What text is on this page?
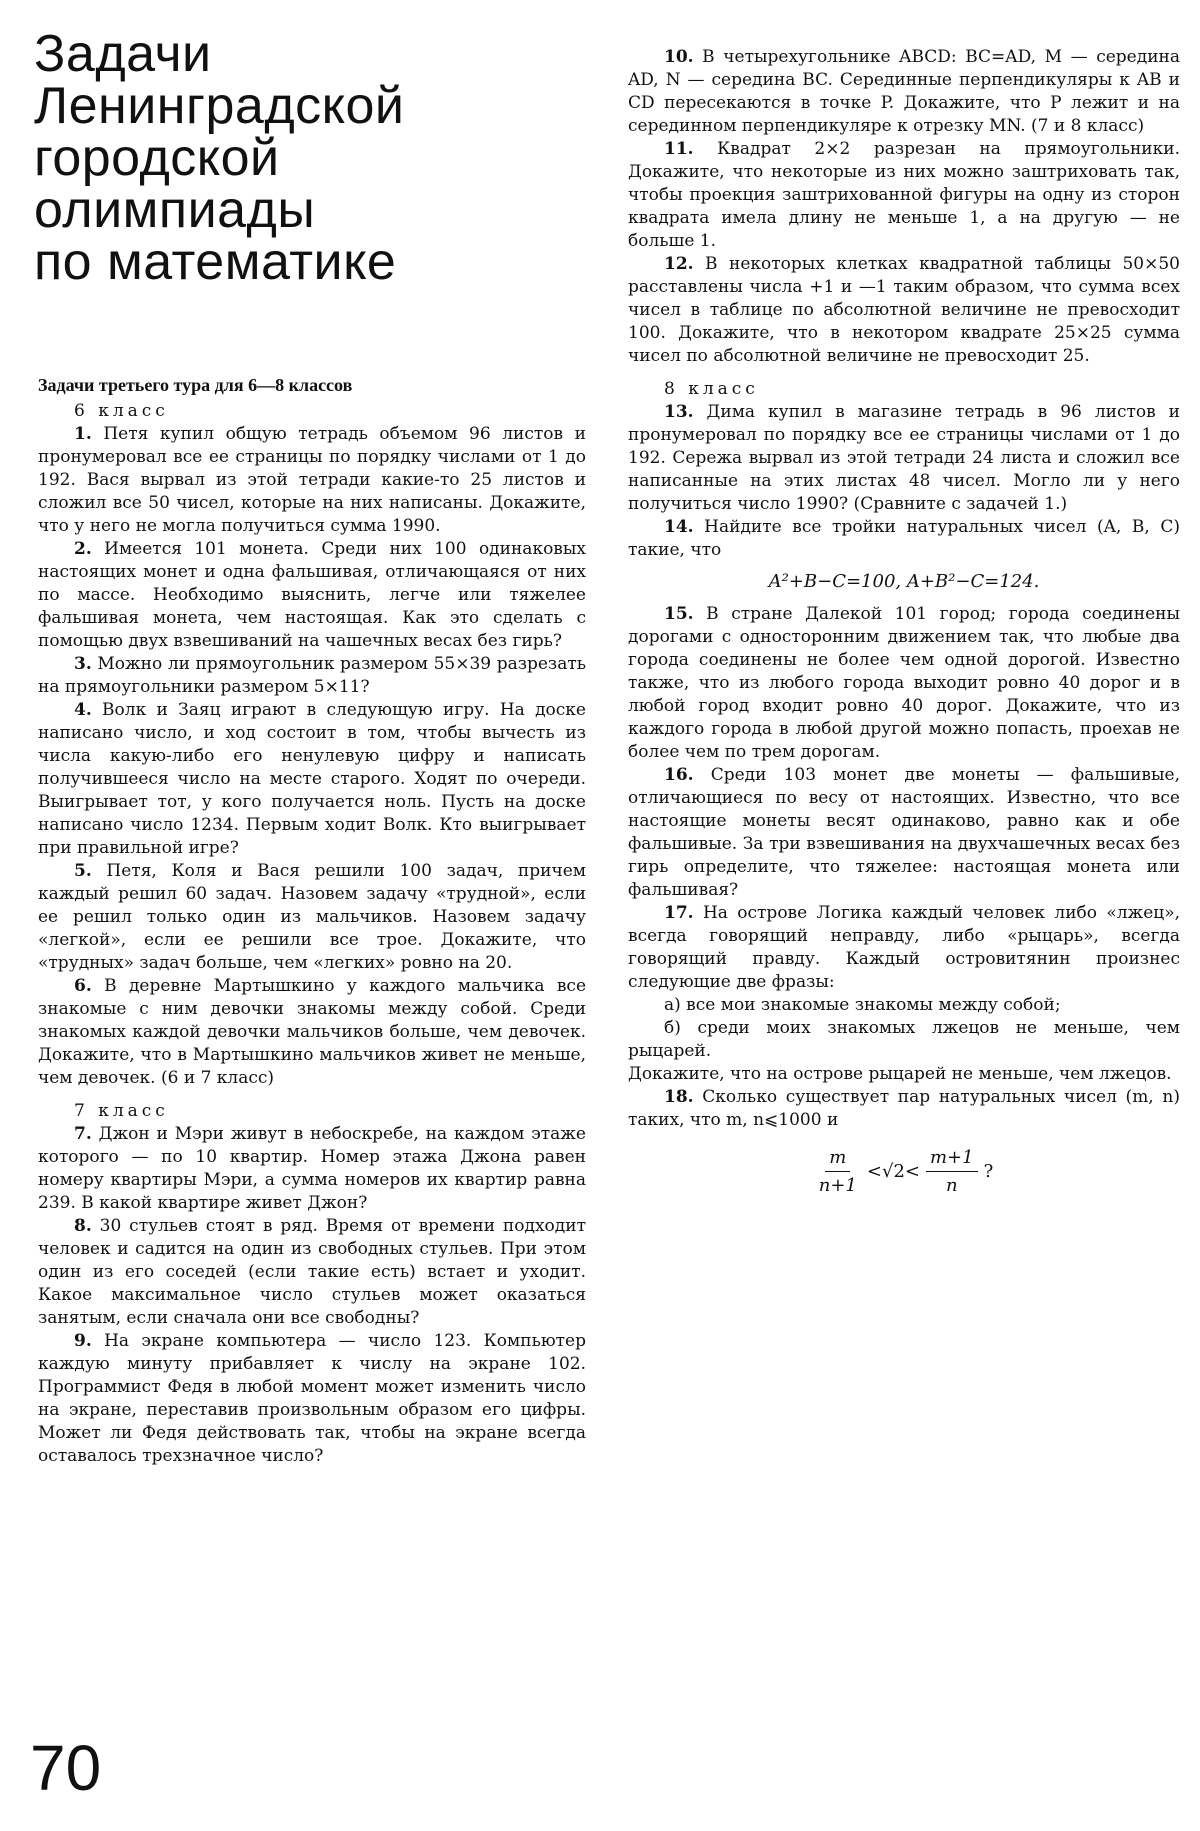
Задачи
Ленинградской
городской
олимпиады
по математике

Задачи третьего тура для 6—8 классов

6 класс

1. Петя купил общую тетрадь объемом 96 листов и пронумеровал все ее страницы по порядку числами от 1 до 192. Вася вырвал из этой тетради какие-то 25 листов и сложил все 50 чисел, которые на них написаны. Докажите, что у него не могла получиться сумма 1990.

2. Имеется 101 монета. Среди них 100 одинаковых настоящих монет и одна фальшивая, отличающаяся от них по массе. Необходимо выяснить, легче или тяжелее фальшивая монета, чем настоящая. Как это сделать с помощью двух взвешиваний на чашечных весах без гирь?

3. Можно ли прямоугольник размером 55×39 разрезать на прямоугольники размером 5×11?

4. Волк и Заяц играют в следующую игру. На доске написано число, и ход состоит в том, чтобы вычесть из числа какую-либо его ненулевую цифру и написать получившееся число на месте старого. Ходят по очереди. Выигрывает тот, у кого получается ноль. Пусть на доске написано число 1234. Первым ходит Волк. Кто выигрывает при правильной игре?

5. Петя, Коля и Вася решили 100 задач, причем каждый решил 60 задач. Назовем задачу «трудной», если ее решил только один из мальчиков. Назовем задачу «легкой», если ее решили все трое. Докажите, что «трудных» задач больше, чем «легких» ровно на 20.

6. В деревне Мартышкино у каждого мальчика все знакомые с ним девочки знакомы между собой. Среди знакомых каждой девочки мальчиков больше, чем девочек. Докажите, что в Мартышкино мальчиков живет не меньше, чем девочек. (6 и 7 класс)

7 класс

7. Джон и Мэри живут в небоскребе, на каждом этаже которого — по 10 квартир. Номер этажа Джона равен номеру квартиры Мэри, а сумма номеров их квартир равна 239. В какой квартире живет Джон?

8. 30 стульев стоят в ряд. Время от времени подходит человек и садится на один из свободных стульев. При этом один из его соседей (если такие есть) встает и уходит. Какое максимальное число стульев может оказаться занятым, если сначала они все свободны?

9. На экране компьютера — число 123. Компьютер каждую минуту прибавляет к числу на экране 102. Программист Федя в любой момент может изменить число на экране, переставив произвольным образом его цифры. Может ли Федя действовать так, чтобы на экране всегда оставалось трехзначное число?

10. В четырехугольнике ABCD: BC=AD, M — середина AD, N — середина BC. Серединные перпендикуляры к AB и CD пересекаются в точке P. Докажите, что P лежит и на серединном перпендикуляре к отрезку MN. (7 и 8 класс)

11. Квадрат 2×2 разрезан на прямоугольники. Докажите, что некоторые из них можно заштриховать так, чтобы проекция заштрихованной фигуры на одну из сторон квадрата имела длину не меньше 1, а на другую — не больше 1.

12. В некоторых клетках квадратной таблицы 50×50 расставлены числа +1 и —1 таким образом, что сумма всех чисел в таблице по абсолютной величине не превосходит 100. Докажите, что в некотором квадрате 25×25 сумма чисел по абсолютной величине не превосходит 25.

8 класс

13. Дима купил в магазине тетрадь в 96 листов и пронумеровал по порядку все ее страницы числами от 1 до 192. Сережа вырвал из этой тетради 24 листа и сложил все написанные на этих листах 48 чисел. Могло ли у него получиться число 1990? (Сравните с задачей 1.)

14. Найдите все тройки натуральных чисел (A, B, C) такие, что

A²+B−C=100, A+B²−C=124.

15. В стране Далекой 101 город; города соединены дорогами с односторонним движением так, что любые два города соединены не более чем одной дорогой. Известно также, что из любого города выходит ровно 40 дорог и в любой город входит ровно 40 дорог. Докажите, что из каждого города в любой другой можно попасть, проехав не более чем по трем дорогам.

16. Среди 103 монет две монеты — фальшивые, отличающиеся по весу от настоящих. Известно, что все настоящие монеты весят одинаково, равно как и обе фальшивые. За три взвешивания на двухчашечных весах без гирь определите, что тяжелее: настоящая монета или фальшивая?

17. На острове Логика каждый человек либо «лжец», всегда говорящий неправду, либо «рыцарь», всегда говорящий правду. Каждый островитянин произнес следующие две фразы:

а) все мои знакомые знакомы между собой;

б) среди моих знакомых лжецов не меньше, чем рыцарей.

Докажите, что на острове рыцарей не меньше, чем лжецов.

18. Сколько существует пар натуральных чисел (m, n) таких, что m, n⩽1000 и

$\frac{m}{n+1} <√2< \frac{m+1}{n}$ ?
70
